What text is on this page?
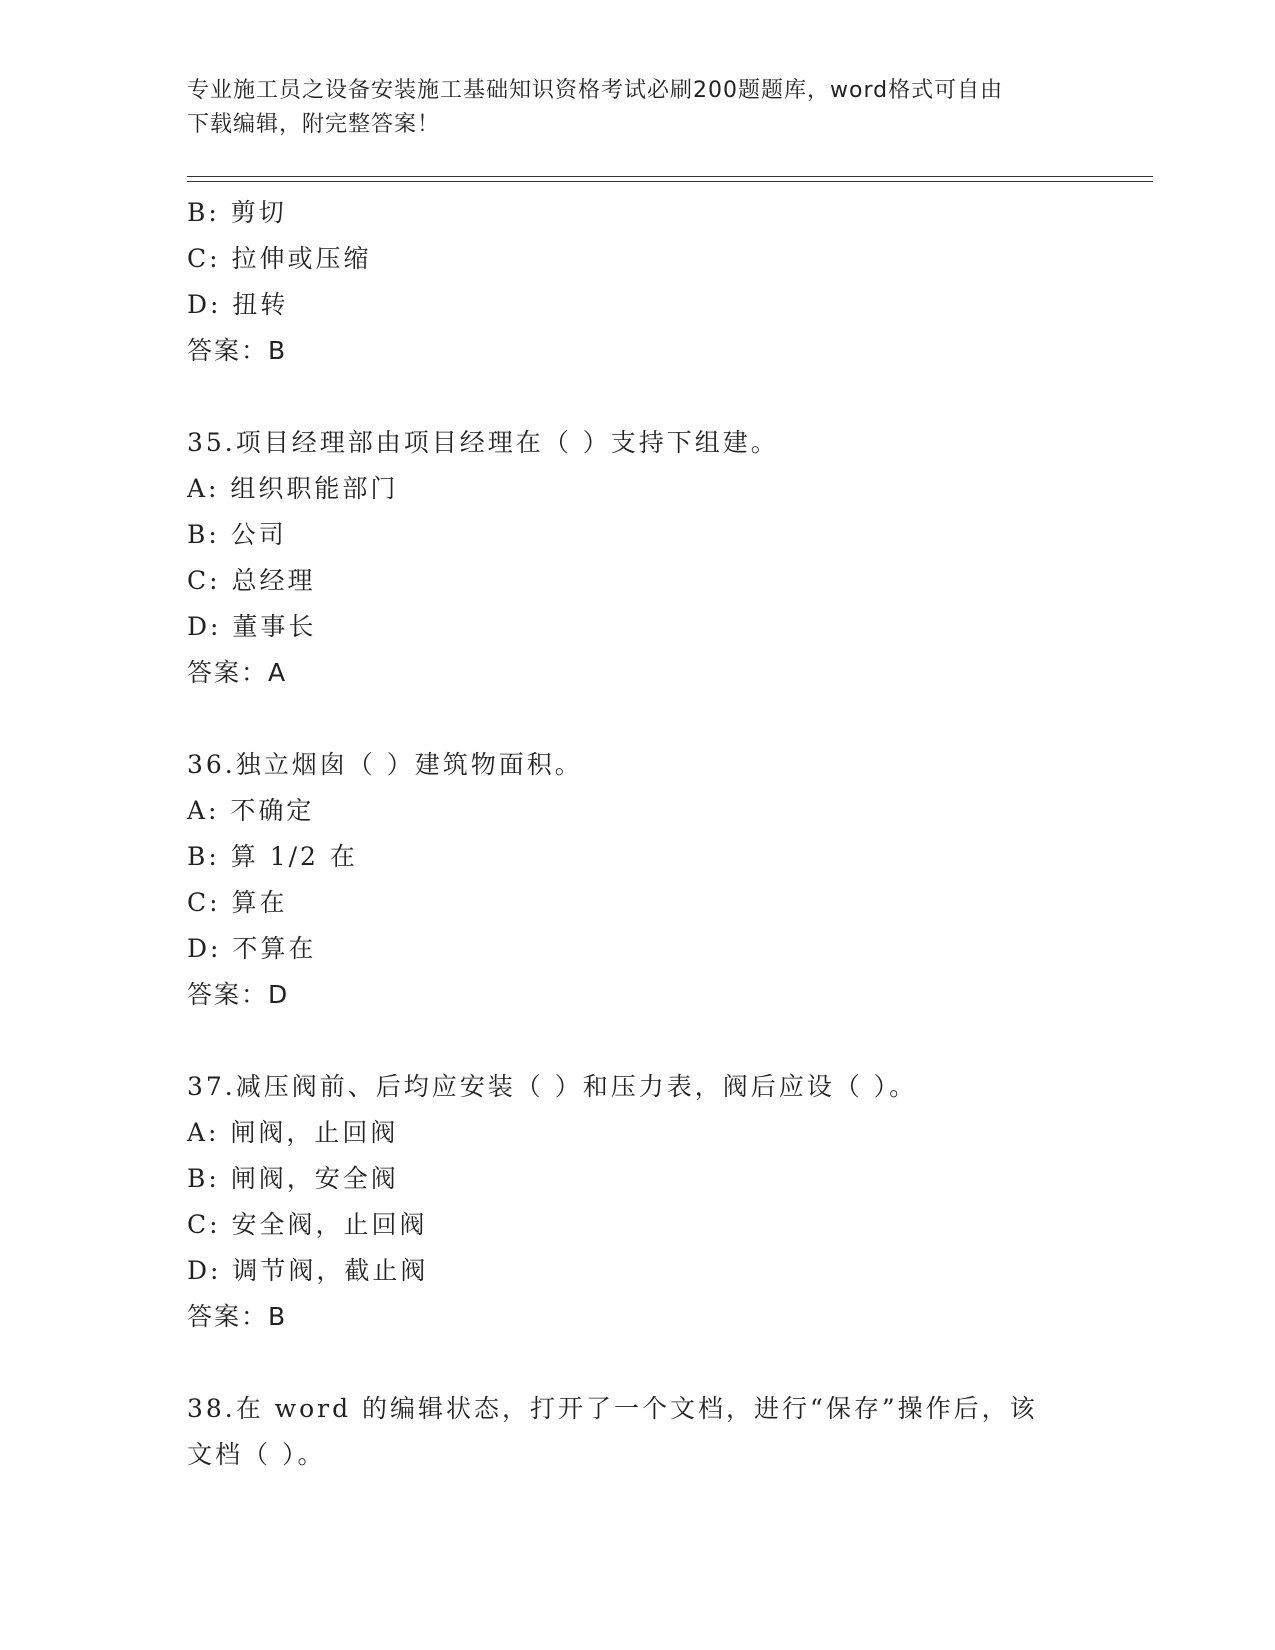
专业施工员之设备安装施工基础知识资格考试必刷200题题库，word格式可自由
下载编辑，附完整答案！
B: 剪切
C: 拉伸或压缩
D: 扭转
答案：B
35.项目经理部由项目经理在（ ）支持下组建。
A: 组织职能部门
B: 公司
C: 总经理
D: 董事长
答案：A
36.独立烟囱（ ）建筑物面积。
A: 不确定
B: 算 1/2 在
C: 算在
D: 不算在
答案：D
37.减压阀前、后均应安装（ ）和压力表，阀后应设（ ）。
A: 闸阀，止回阀
B: 闸阀，安全阀
C: 安全阀，止回阀
D: 调节阀，截止阀
答案：B
38.在 word 的编辑状态，打开了一个文档，进行“保存”操作后，该
文档（ ）。
